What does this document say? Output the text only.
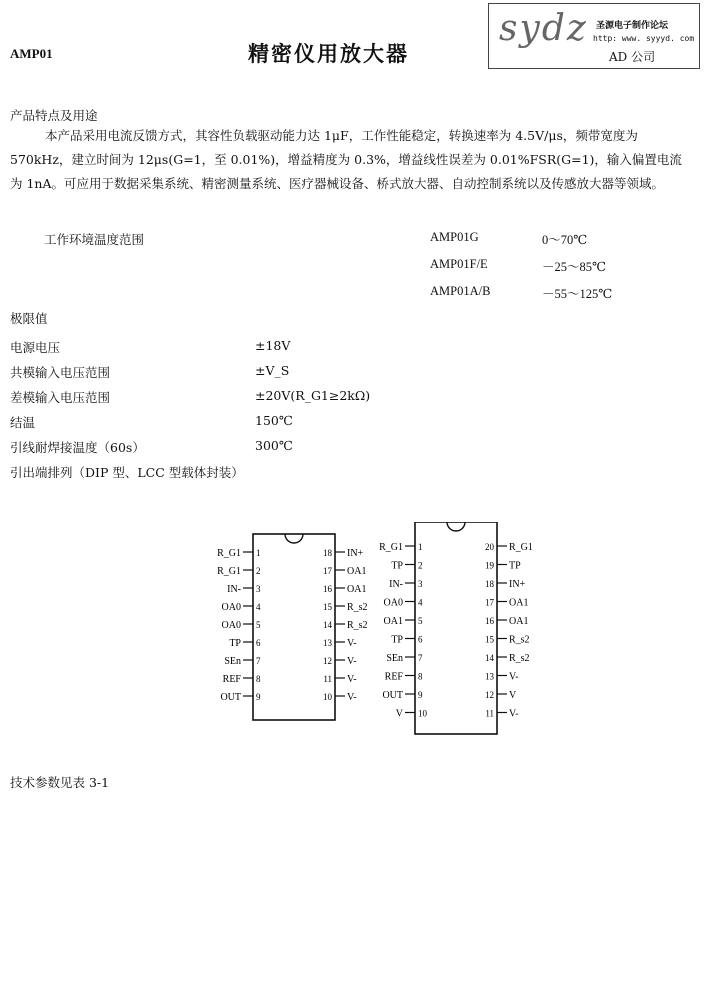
AMP01	精密仪用放大器
sydz 圣源电子制作论坛
http: www. syyyd. com
AD 公司
产品特点及用途
本产品采用电流反馈方式，其容性负载驱动能力达 1μF，工作性能稳定，转换速率为 4.5V/μs，频带宽度为 570kHz，建立时间为 12μs(G=1，至 0.01%)，增益精度为 0.3%，增益线性误差为 0.01%FSR(G=1)，输入偏置电流为 1nA。可应用于数据采集系统、精密测量系统、医疗器械设备、桥式放大器、自动控制系统以及传感放大器等领域。
工作环境温度范围	AMP01G	0～70℃
AMP01F/E	－25～85℃
AMP01A/B	－55～125℃
极限值
电源电压	±18V
共模输入电压范围	±V_S
差模输入电压范围	±20V(R_G1≥2kΩ)
结温	150℃
引线耐焊接温度（60s）	300℃
引出端排列（DIP 型、LCC 型载体封装）
R_G1 1
R_G1 2
IN- 3
OA0 4
OA0 5
TP 6
SEn 7
REF 8
OUT 9
IN+
18
OA1
17
OA1
16
R_s2
15
R_s2
14
V-
13
V-
12
V-
11
V-
10
R_G1 1
TP 2
IN- 3
OA0 4
OA1 5
TP 6
SEn 7
REF 8
OUT 9
V 10
R_G1
20
TP
19
IN+
18
OA1
17
OA1
16
R_s2
15
R_s2
14
V-
13
V
12
V-
11
技术参数见表 3-1
